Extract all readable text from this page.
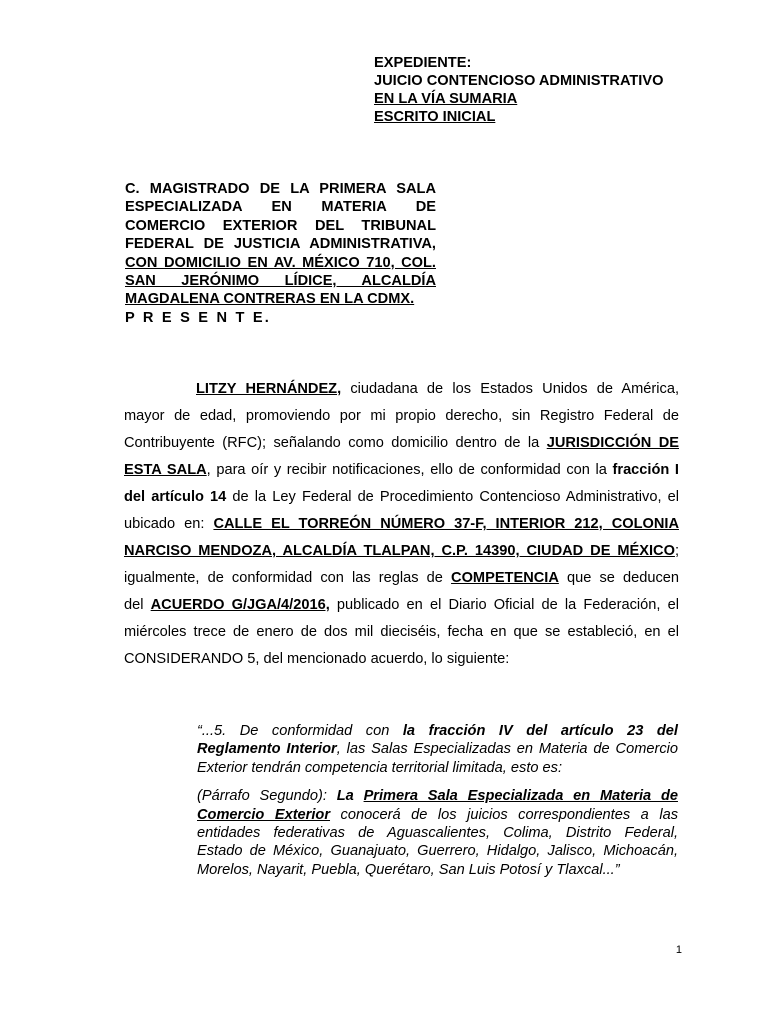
EXPEDIENTE:
JUICIO CONTENCIOSO ADMINISTRATIVO
EN LA VÍA SUMARIA
ESCRITO INICIAL
C. MAGISTRADO DE LA PRIMERA SALA
ESPECIALIZADA EN MATERIA DE
COMERCIO EXTERIOR DEL TRIBUNAL
FEDERAL DE JUSTICIA ADMINISTRATIVA,
CON DOMICILIO EN AV. MÉXICO 710, COL.
SAN JERÓNIMO LÍDICE, ALCALDÍA
MAGDALENA CONTRERAS EN LA CDMX.
P R E S E N T E.
LITZY HERNÁNDEZ, ciudadana de los Estados Unidos de América,
mayor de edad, promoviendo por mi propio derecho, sin Registro Federal de
Contribuyente (RFC); señalando como domicilio dentro de la JURISDICCIÓN DE
ESTA SALA, para oír y recibir notificaciones, ello de conformidad con la fracción I
del artículo 14 de la Ley Federal de Procedimiento Contencioso Administrativo, el
ubicado en: CALLE EL TORREÓN NÚMERO 37-F, INTERIOR 212, COLONIA
NARCISO MENDOZA, ALCALDÍA TLALPAN, C.P. 14390, CIUDAD DE MÉXICO;
igualmente, de conformidad con las reglas de COMPETENCIA que se deducen
del ACUERDO G/JGA/4/2016, publicado en el Diario Oficial de la Federación, el
miércoles trece de enero de dos mil dieciséis, fecha en que se estableció, en el
CONSIDERANDO 5, del mencionado acuerdo, lo siguiente:
“...5. De conformidad con la fracción IV del artículo 23 del
Reglamento Interior, las Salas Especializadas en Materia de Comercio
Exterior tendrán competencia territorial limitada, esto es:
(Párrafo Segundo): La Primera Sala Especializada en Materia de
Comercio Exterior conocerá de los juicios correspondientes a las
entidades federativas de Aguascalientes, Colima, Distrito Federal,
Estado de México, Guanajuato, Guerrero, Hidalgo, Jalisco, Michoacán,
Morelos, Nayarit, Puebla, Querétaro, San Luis Potosí y Tlaxcal...”
1
